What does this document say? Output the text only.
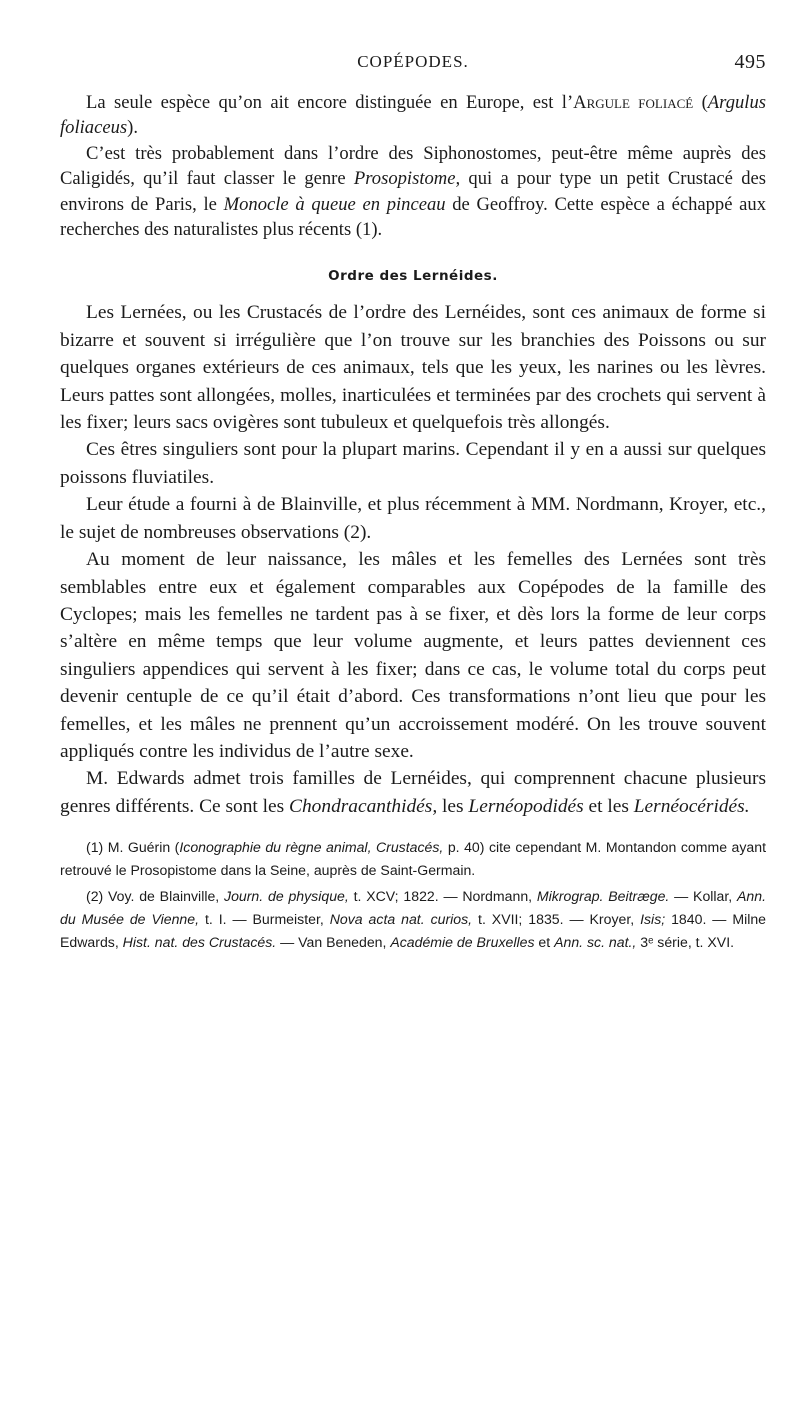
COPÉPODES.	495

La seule espèce qu’on ait encore distinguée en Europe, est l’Argule foliacé (Argulus foliaceus).

C’est très probablement dans l’ordre des Siphonostomes, peut-être même auprès des Caligidés, qu’il faut classer le genre Prosopistome, qui a pour type un petit Crustacé des environs de Paris, le Monocle à queue en pinceau de Geoffroy. Cette espèce a échappé aux recherches des naturalistes plus récents (1).

Ordre des Lernéides.

Les Lernées, ou les Crustacés de l’ordre des Lernéides, sont ces animaux de forme si bizarre et souvent si irrégulière que l’on trouve sur les branchies des Poissons ou sur quelques organes extérieurs de ces animaux, tels que les yeux, les narines ou les lèvres. Leurs pattes sont allongées, molles, inarticulées et terminées par des crochets qui servent à les fixer; leurs sacs ovigères sont tubuleux et quelquefois très allongés.

Ces êtres singuliers sont pour la plupart marins. Cependant il y en a aussi sur quelques poissons fluviatiles.

Leur étude a fourni à de Blainville, et plus récemment à MM. Nordmann, Kroyer, etc., le sujet de nombreuses observations (2).

Au moment de leur naissance, les mâles et les femelles des Lernées sont très semblables entre eux et également comparables aux Copépodes de la famille des Cyclopes; mais les femelles ne tardent pas à se fixer, et dès lors la forme de leur corps s’altère en même temps que leur volume augmente, et leurs pattes deviennent ces singuliers appendices qui servent à les fixer; dans ce cas, le volume total du corps peut devenir centuple de ce qu’il était d’abord. Ces transformations n’ont lieu que pour les femelles, et les mâles ne prennent qu’un accroissement modéré. On les trouve souvent appliqués contre les individus de l’autre sexe.

M. Edwards admet trois familles de Lernéides, qui comprennent chacune plusieurs genres différents. Ce sont les Chondracanthidés, les Lernéopodidés et les Lernéocéridés.

(1) M. Guérin (Iconographie du règne animal, Crustacés, p. 40) cite cependant M. Montandon comme ayant retrouvé le Prosopistome dans la Seine, auprès de Saint-Germain.

(2) Voy. de Blainville, Journ. de physique, t. XCV; 1822. — Nordmann, Mikrograp. Beitræge. — Kollar, Ann. du Musée de Vienne, t. I. — Burmeister, Nova acta nat. curios, t. XVII; 1835. — Kroyer, Isis; 1840. — Milne Edwards, Hist. nat. des Crustacés. — Van Beneden, Académie de Bruxelles et Ann. sc. nat., 3ᵉ série, t. XVI.
